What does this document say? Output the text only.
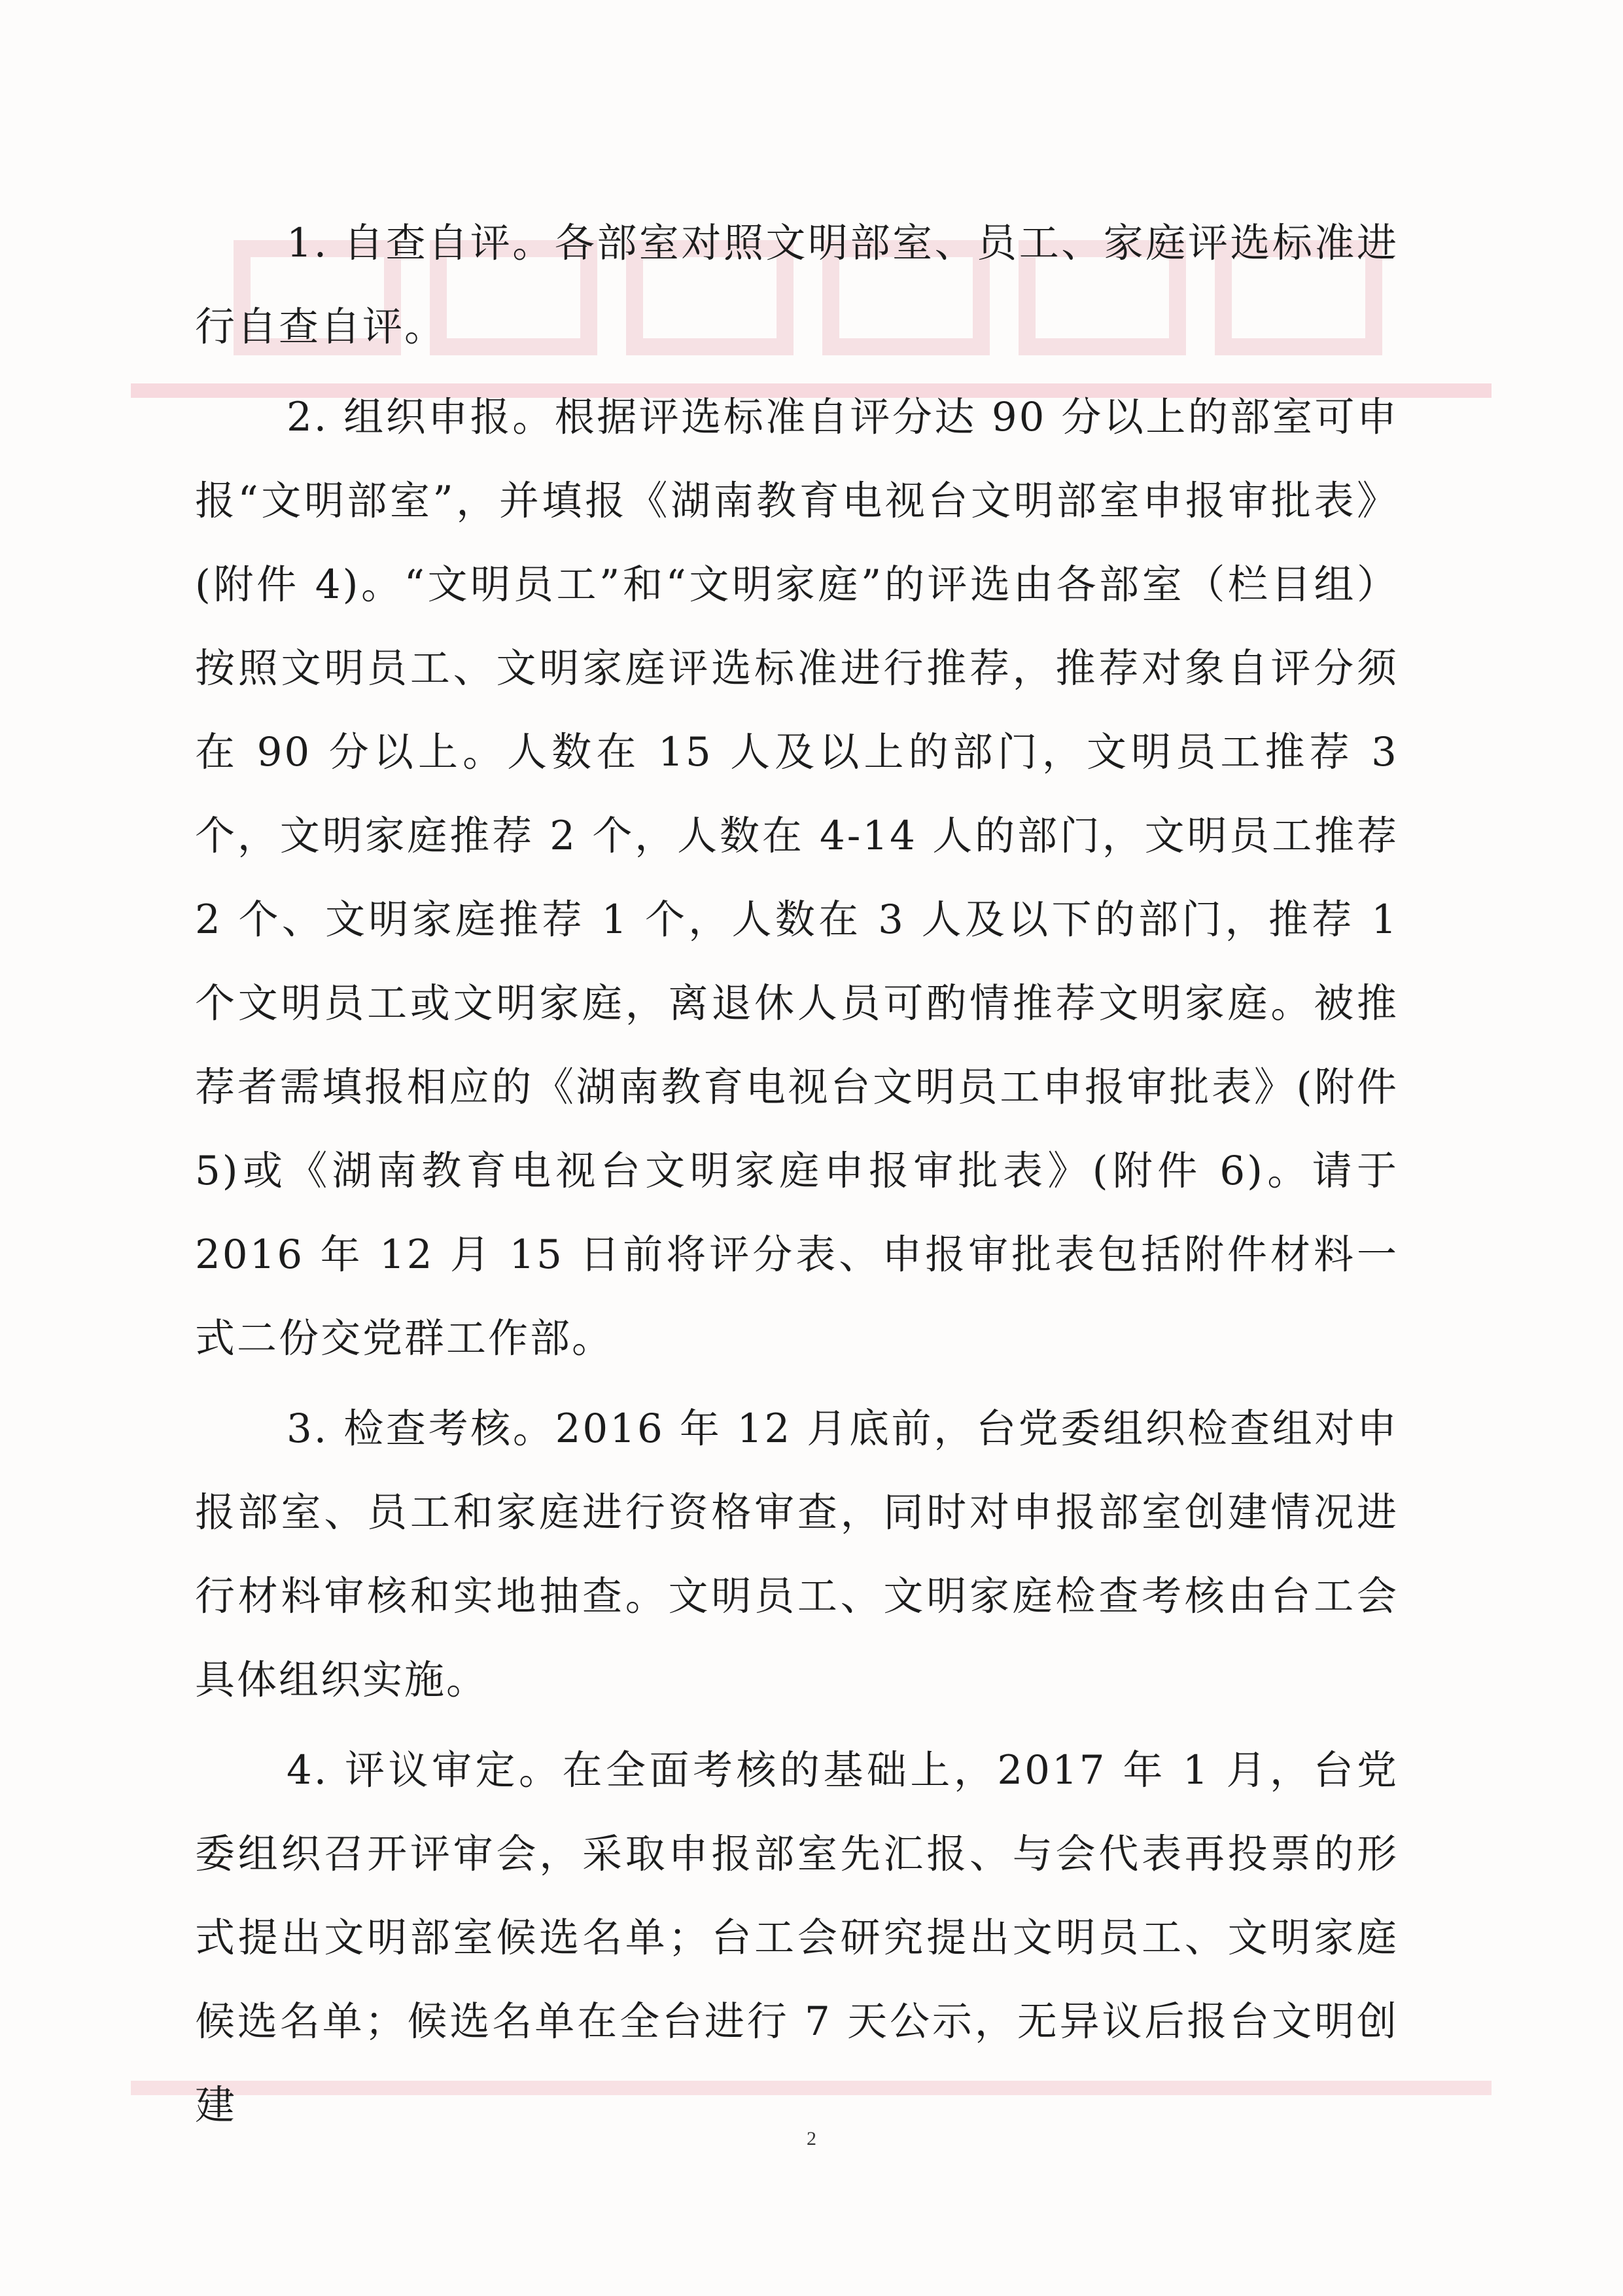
1. 自查自评。各部室对照文明部室、员工、家庭评选标准进行自查自评。

2. 组织申报。根据评选标准自评分达 90 分以上的部室可申报“文明部室”，并填报《湖南教育电视台文明部室申报审批表》(附件 4)。“文明员工”和“文明家庭”的评选由各部室（栏目组）按照文明员工、文明家庭评选标准进行推荐，推荐对象自评分须在 90 分以上。人数在 15 人及以上的部门，文明员工推荐 3 个，文明家庭推荐 2 个，人数在 4-14 人的部门，文明员工推荐 2 个、文明家庭推荐 1 个，人数在 3 人及以下的部门，推荐 1 个文明员工或文明家庭，离退休人员可酌情推荐文明家庭。被推荐者需填报相应的《湖南教育电视台文明员工申报审批表》(附件 5)或《湖南教育电视台文明家庭申报审批表》(附件 6)。请于 2016 年 12 月 15 日前将评分表、申报审批表包括附件材料一式二份交党群工作部。

3. 检查考核。2016 年 12 月底前，台党委组织检查组对申报部室、员工和家庭进行资格审查，同时对申报部室创建情况进行材料审核和实地抽查。文明员工、文明家庭检查考核由台工会具体组织实施。

4. 评议审定。在全面考核的基础上，2017 年 1 月，台党委组织召开评审会，采取申报部室先汇报、与会代表再投票的形式提出文明部室候选名单；台工会研究提出文明员工、文明家庭候选名单；候选名单在全台进行 7 天公示，无异议后报台文明创建

2
